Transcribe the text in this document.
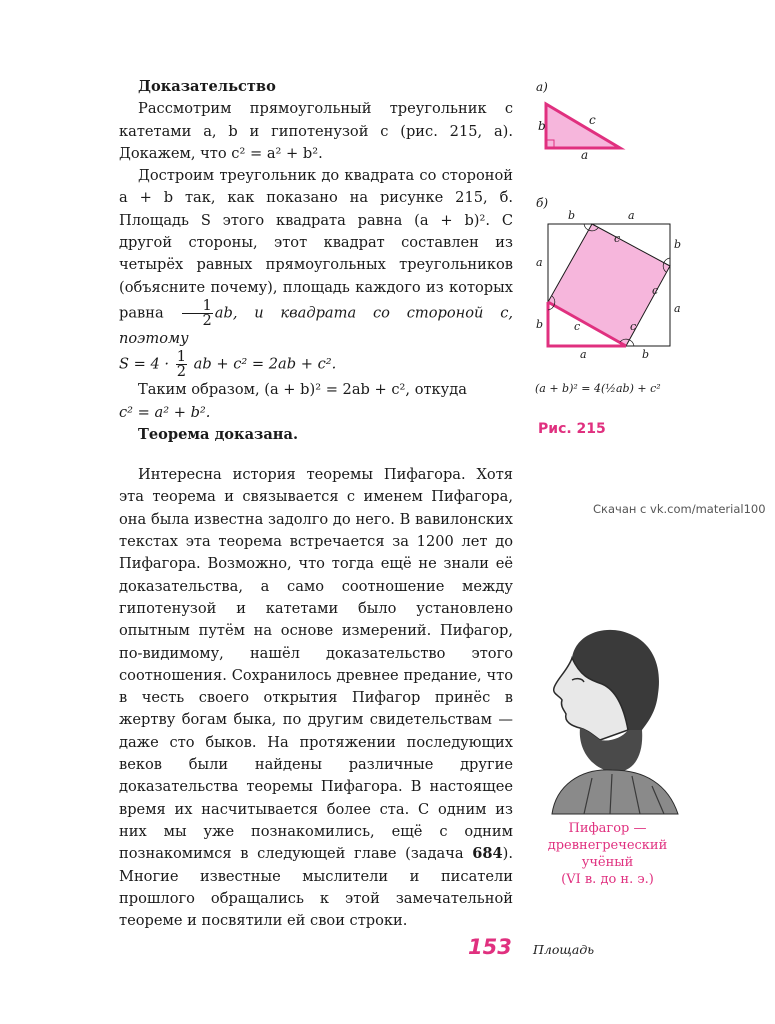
Доказательство

Рассмотрим прямоугольный треугольник с катетами a, b и гипотенузой c (рис. 215, а). Докажем, что c² = a² + b².

Достроим треугольник до квадрата со стороной a + b так, как показано на рисунке 215, б. Площадь S этого квадрата равна (a + b)². С другой стороны, этот квадрат составлен из четырёх равных прямоугольных треугольников (объясните почему), площадь каждого из которых равна $\frac{1}{2}$ ab, и квадрата со стороной c, поэтому

$S = 4 \cdot \frac{1}{2}$ ab + c² = 2ab + c².

Таким образом, (a + b)² = 2ab + c², откуда

c² = a² + b².

Теорема доказана.

Интересна история теоремы Пифагора. Хотя эта теорема и связывается с именем Пифагора, она была известна задолго до него. В вавилонских текстах эта теорема встречается за 1200 лет до Пифагора. Возможно, что тогда ещё не знали её доказательства, а само соотношение между гипотенузой и катетами было установлено опытным путём на основе измерений. Пифагор, по-видимому, нашёл доказательство этого соотношения. Сохранилось древнее предание, что в честь своего открытия Пифагор принёс в жертву богам быка, по другим свидетельствам — даже сто быков. На протяжении последующих веков были найдены различные другие доказательства теоремы Пифагора. В настоящее время их насчитывается более ста. С одним из них мы уже познакомились, ещё с одним познакомимся в следующей главе (задача 684). Многие известные мыслители и писатели прошлого обращались к этой замечательной теореме и посвятили ей свои строки.

а)
b	c
a
б)
b	a
a
b
b
a
a	b
c
c
c
c
(a + b)² = 4(½ab) + c²
Рис. 215
Скачан с vk.com/material100
Пифагор —
древнегреческий
учёный
(VI в. до н. э.)
153 Площадь
